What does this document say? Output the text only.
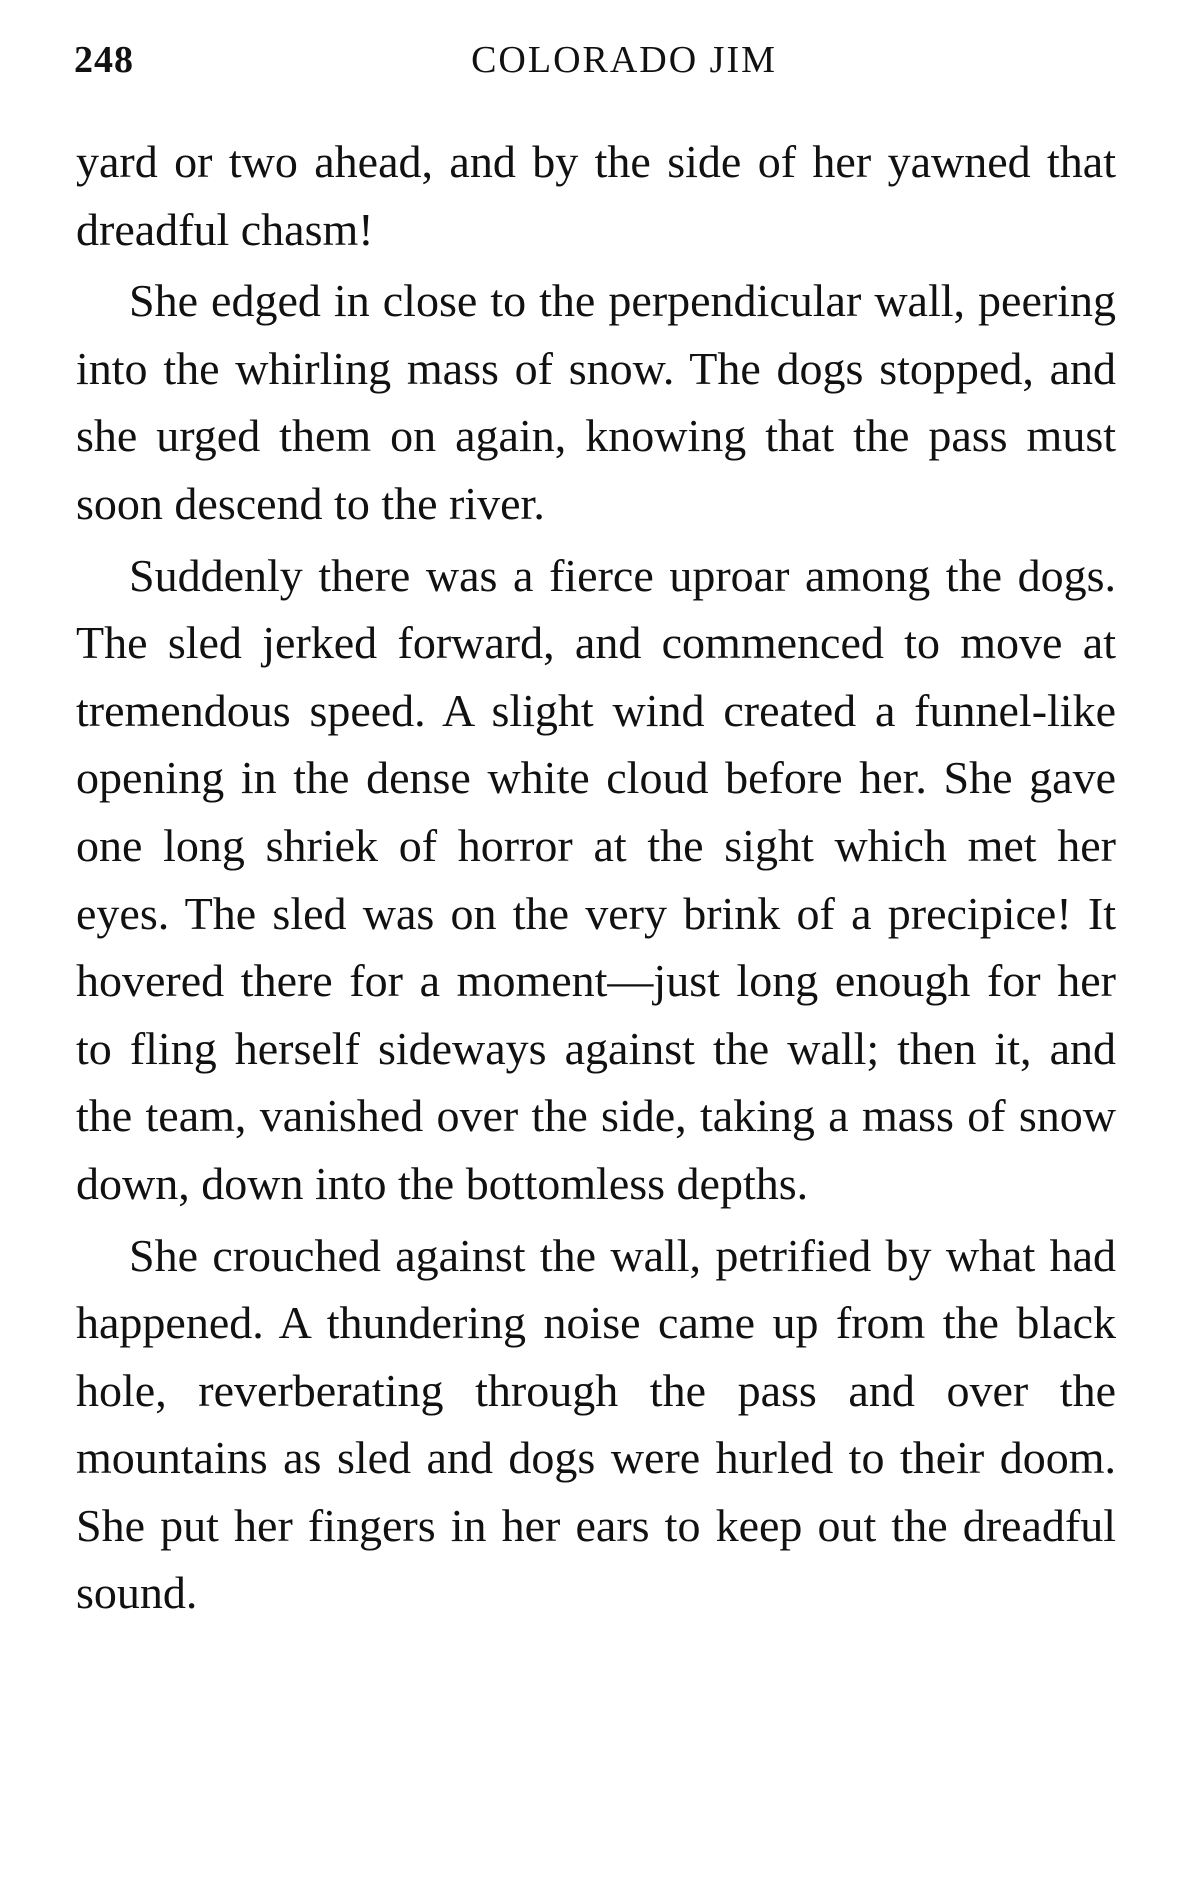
248	COLORADO JIM

yard or two ahead, and by the side of her yawned that dreadful chasm!

She edged in close to the perpendicular wall, peering into the whirling mass of snow. The dogs stopped, and she urged them on again, knowing that the pass must soon descend to the river.

Suddenly there was a fierce uproar among the dogs. The sled jerked forward, and commenced to move at tremendous speed. A slight wind created a funnel-like opening in the dense white cloud before her. She gave one long shriek of horror at the sight which met her eyes. The sled was on the very brink of a precipice! It hovered there for a moment—just long enough for her to fling herself sideways against the wall; then it, and the team, vanished over the side, taking a mass of snow down, down into the bottomless depths.

She crouched against the wall, petrified by what had happened. A thundering noise came up from the black hole, reverberating through the pass and over the mountains as sled and dogs were hurled to their doom. She put her fingers in her ears to keep out the dreadful sound.
